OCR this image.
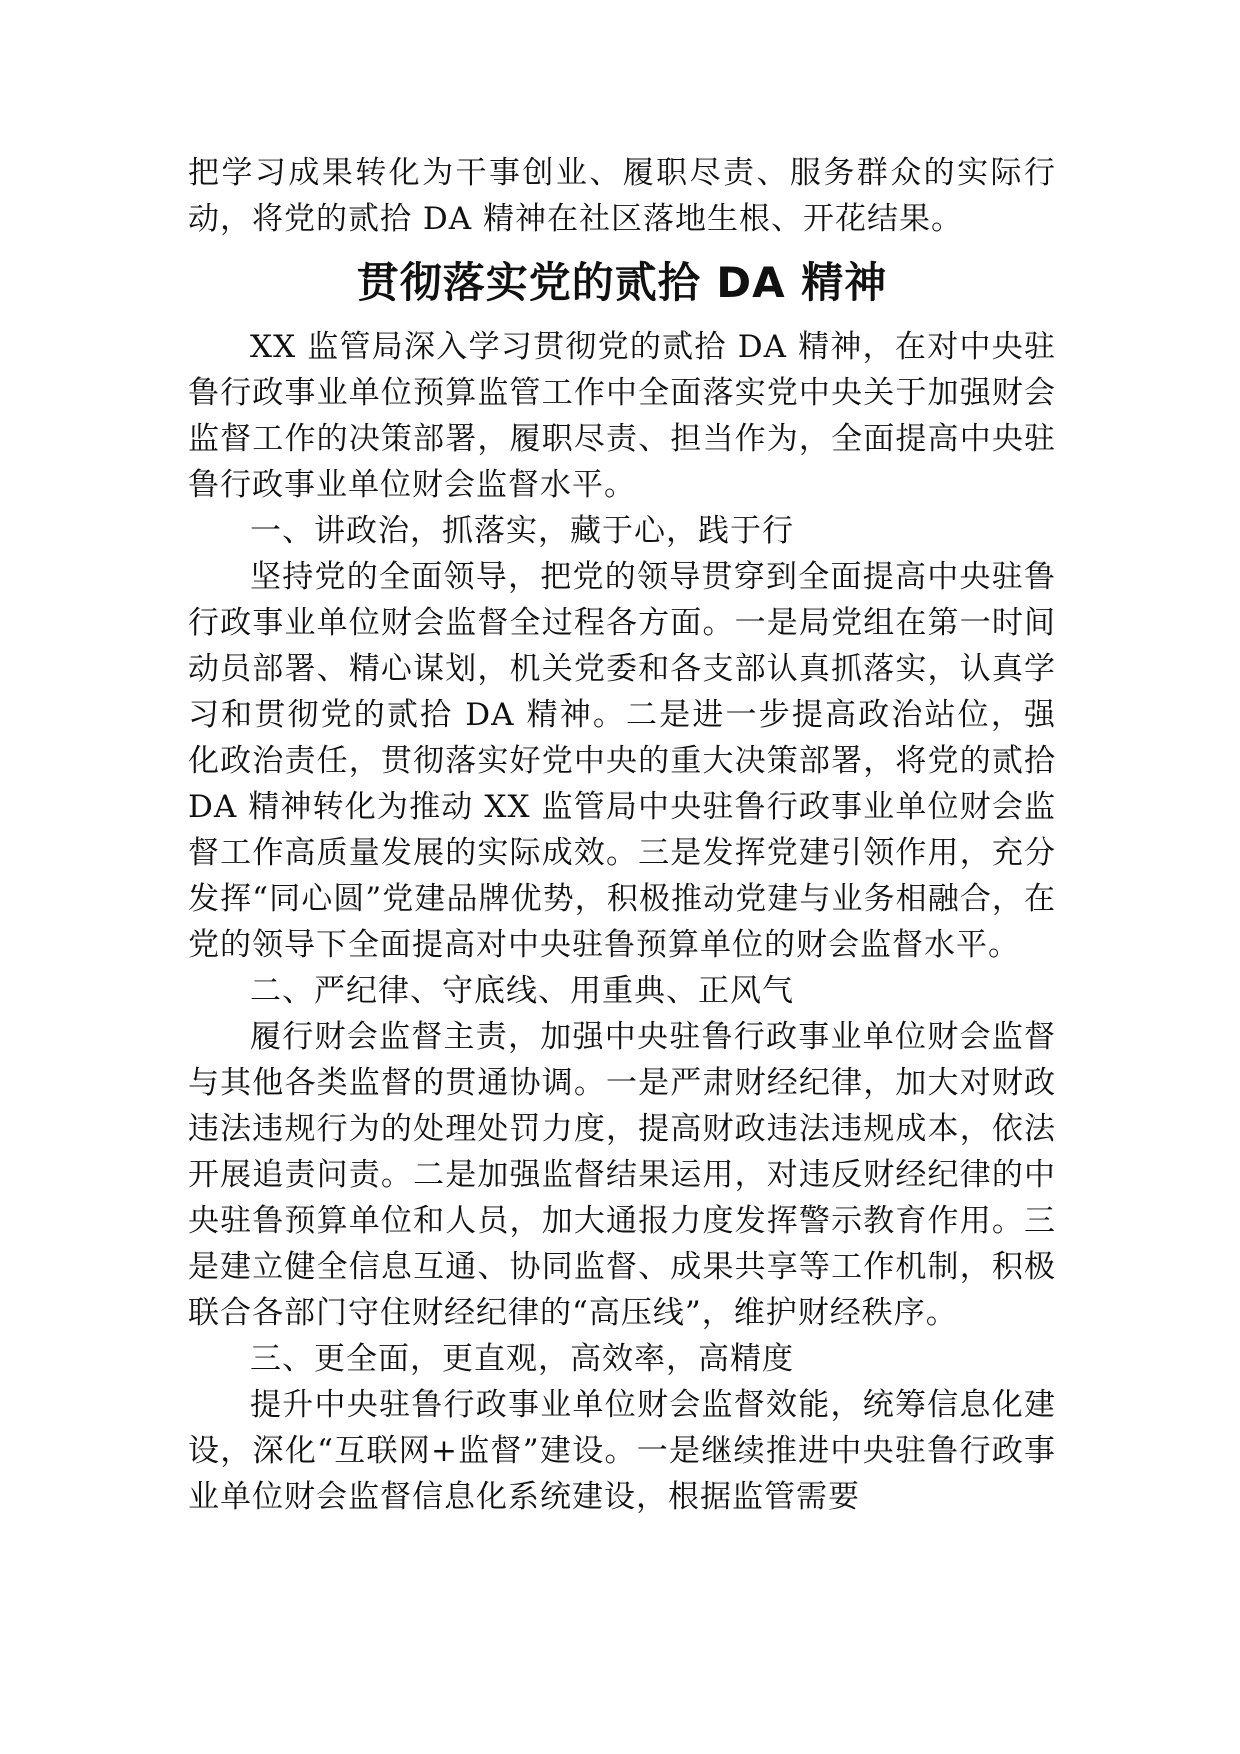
把学习成果转化为干事创业、履职尽责、服务群众的实际行动，将党的贰拾 DA 精神在社区落地生根、开花结果。

贯彻落实党的贰拾 DA 精神

XX 监管局深入学习贯彻党的贰拾 DA 精神，在对中央驻鲁行政事业单位预算监管工作中全面落实党中央关于加强财会监督工作的决策部署，履职尽责、担当作为，全面提高中央驻鲁行政事业单位财会监督水平。

一、讲政治，抓落实，藏于心，践于行

坚持党的全面领导，把党的领导贯穿到全面提高中央驻鲁行政事业单位财会监督全过程各方面。一是局党组在第一时间动员部署、精心谋划，机关党委和各支部认真抓落实，认真学习和贯彻党的贰拾 DA 精神。二是进一步提高政治站位，强化政治责任，贯彻落实好党中央的重大决策部署，将党的贰拾 DA 精神转化为推动 XX 监管局中央驻鲁行政事业单位财会监督工作高质量发展的实际成效。三是发挥党建引领作用，充分发挥“同心圆”党建品牌优势，积极推动党建与业务相融合，在党的领导下全面提高对中央驻鲁预算单位的财会监督水平。

二、严纪律、守底线、用重典、正风气

履行财会监督主责，加强中央驻鲁行政事业单位财会监督与其他各类监督的贯通协调。一是严肃财经纪律，加大对财政违法违规行为的处理处罚力度，提高财政违法违规成本，依法开展追责问责。二是加强监督结果运用，对违反财经纪律的中央驻鲁预算单位和人员，加大通报力度发挥警示教育作用。三是建立健全信息互通、协同监督、成果共享等工作机制，积极联合各部门守住财经纪律的“高压线”，维护财经秩序。

三、更全面，更直观，高效率，高精度

提升中央驻鲁行政事业单位财会监督效能，统筹信息化建设，深化“互联网+监督”建设。一是继续推进中央驻鲁行政事业单位财会监督信息化系统建设，根据监管需要
